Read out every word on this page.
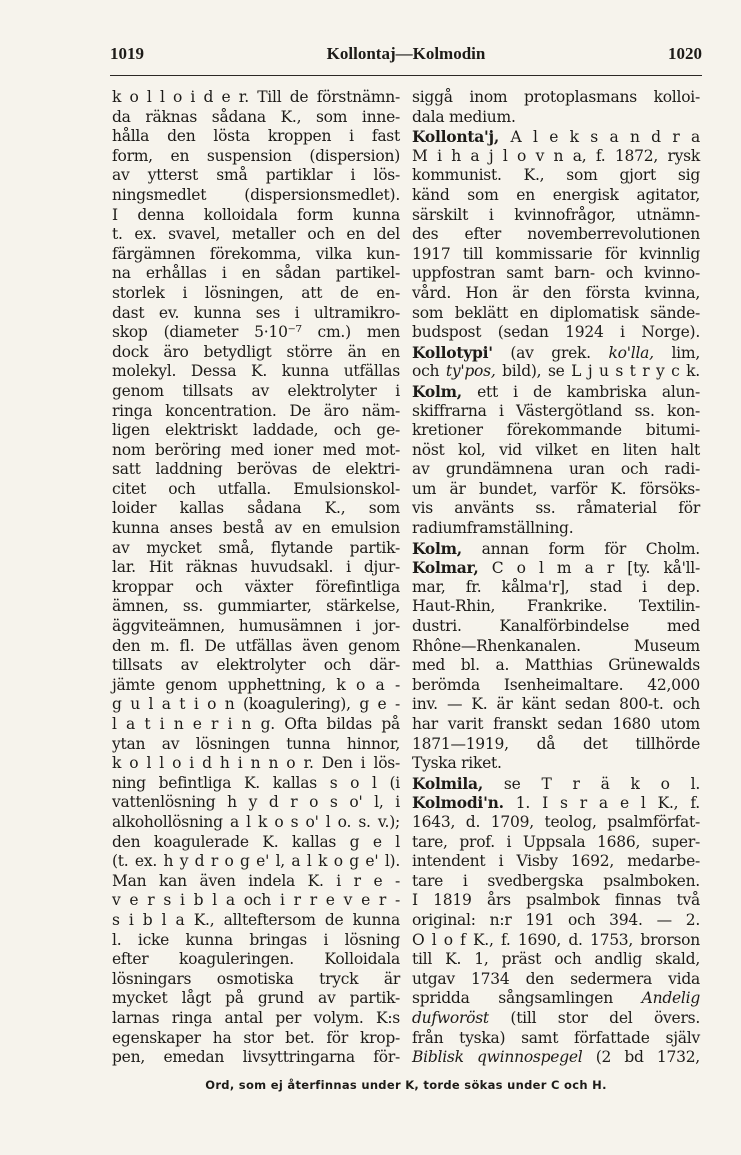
1019	Kollontaj—Kolmodin	1020
k o l l o i d e r. Till de förstnämn-
da räknas sådana K., som inne-
hålla den lösta kroppen i fast
form, en suspension (dispersion)
av ytterst små partiklar i lös-
ningsmedlet (dispersionsmedlet).
I denna kolloidala form kunna
t. ex. svavel, metaller och en del
färgämnen förekomma, vilka kun-
na erhållas i en sådan partikel-
storlek i lösningen, att de en-
dast ev. kunna ses i ultramikro-
skop (diameter 5·10⁻⁷ cm.) men
dock äro betydligt större än en
molekyl. Dessa K. kunna utfällas
genom tillsats av elektrolyter i
ringa koncentration. De äro näm-
ligen elektriskt laddade, och ge-
nom beröring med ioner med mot-
satt laddning berövas de elektri-
citet och utfalla. Emulsionskol-
loider kallas sådana K., som
kunna anses bestå av en emulsion
av mycket små, flytande partik-
lar. Hit räknas huvudsakl. i djur-
kroppar och växter förefintliga
ämnen, ss. gummiarter, stärkelse,
äggviteämnen, humusämnen i jor-
den m. fl. De utfällas även genom
tillsats av elektrolyter och där-
jämte genom upphettning, k o a -
g u l a t i o n (koagulering), g e -
l a t i n e r i n g. Ofta bildas på
ytan av lösningen tunna hinnor,
k o l l o i d h i n n o r. Den i lös-
ning befintliga K. kallas s o l (i
vattenlösning h y d r o s o' l, i
alkohollösning a l k o s o' l o. s. v.);
den koagulerade K. kallas g e l
(t. ex. h y d r o g e' l, a l k o g e' l).
Man kan även indela K. i r e -
v e r s i b l a och i r r e v e r -
s i b l a K., allteftersom de kunna
l. icke kunna bringas i lösning
efter koaguleringen. Kolloidala
lösningars osmotiska tryck är
mycket lågt på grund av partik-
larnas ringa antal per volym. K:s
egenskaper ha stor bet. för krop-
pen, emedan livsyttringarna för-
siggå inom protoplasmans kolloi-
dala medium.
Kollonta'j, A l e k s a n d r a
M i h a j l o v n a, f. 1872, rysk
kommunist. K., som gjort sig
känd som en energisk agitator,
särskilt i kvinnofrågor, utnämn-
des efter novemberrevolutionen
1917 till kommissarie för kvinnlig
uppfostran samt barn- och kvinno-
vård. Hon är den första kvinna,
som beklätt en diplomatisk sände-
budspost (sedan 1924 i Norge).
Kollotypi' (av grek. ko'lla, lim,
och ty'pos, bild), se L j u s t r y c k.
Kolm, ett i de kambriska alun-
skiffrarna i Västergötland ss. kon-
kretioner förekommande bitumi-
nöst kol, vid vilket en liten halt
av grundämnena uran och radi-
um är bundet, varför K. försöks-
vis använts ss. råmaterial för
radiumframställning.
Kolm, annan form för Cholm.
Kolmar, C o l m a r [ty. kå'll-
mar, fr. kålma'r], stad i dep.
Haut-Rhin, Frankrike. Textilin-
dustri. Kanalförbindelse med
Rhône—Rhenkanalen. Museum
med bl. a. Matthias Grünewalds
berömda Isenheimaltare. 42,000
inv. — K. är känt sedan 800-t. och
har varit franskt sedan 1680 utom
1871—1919, då det tillhörde
Tyska riket.
Kolmila, se T r ä k o l.
Kolmodi'n. 1. I s r a e l K., f.
1643, d. 1709, teolog, psalmförfat-
tare, prof. i Uppsala 1686, super-
intendent i Visby 1692, medarbe-
tare i svedbergska psalmboken.
I 1819 års psalmbok finnas två
original: n:r 191 och 394. — 2.
O l o f K., f. 1690, d. 1753, brorson
till K. 1, präst och andlig skald,
utgav 1734 den sedermera vida
spridda sångsamlingen Andelig
dufworöst (till stor del övers.
från tyska) samt författade själv
Biblisk qwinnospegel (2 bd 1732,
Ord, som ej återfinnas under K, torde sökas under C och H.
